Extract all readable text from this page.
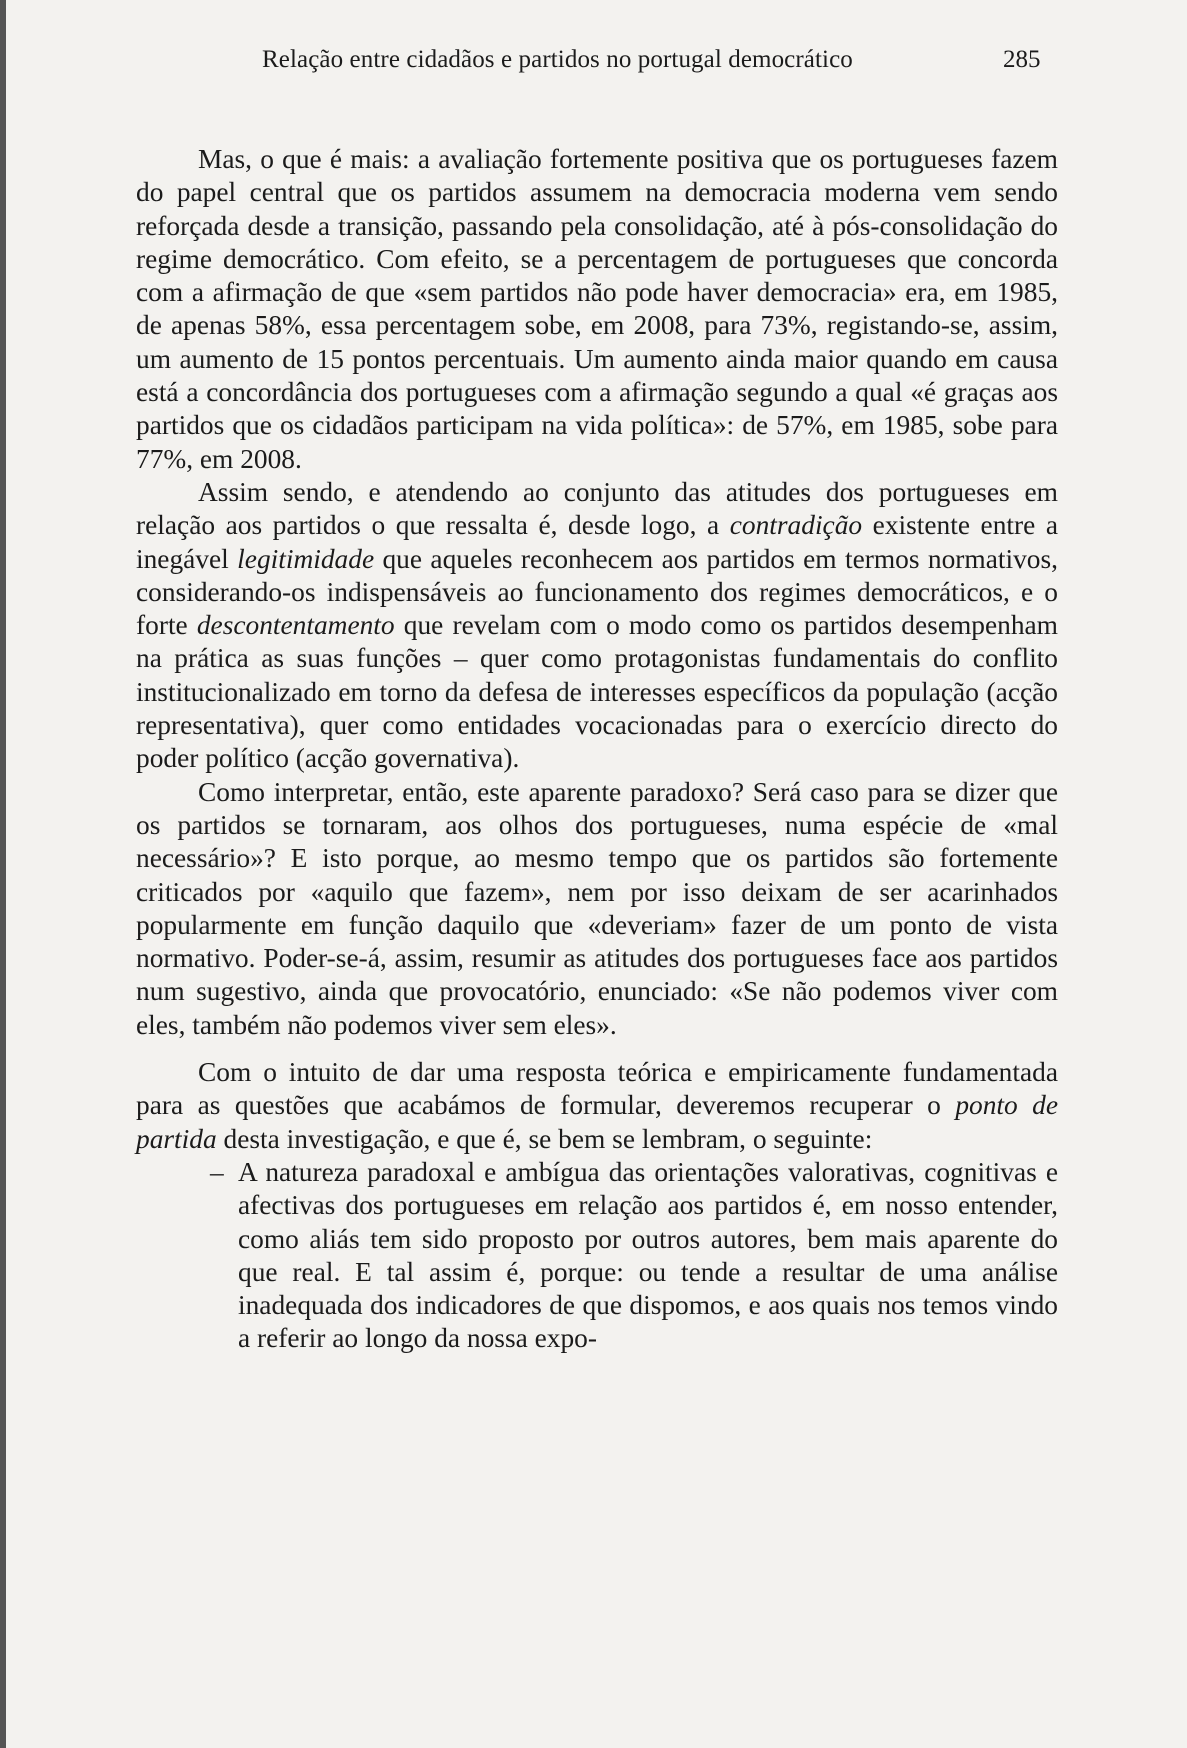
Relação entre cidadãos e partidos no portugal democrático	285

Mas, o que é mais: a avaliação fortemente positiva que os portugueses fazem do papel central que os partidos assumem na democracia moderna vem sendo reforçada desde a transição, passando pela consolidação, até à pós-consolidação do regime democrático. Com efeito, se a percentagem de portugueses que concorda com a afirmação de que «sem partidos não pode haver democracia» era, em 1985, de apenas 58%, essa percentagem sobe, em 2008, para 73%, registando-se, assim, um aumento de 15 pontos percentuais. Um aumento ainda maior quando em causa está a concordância dos portugueses com a afirmação segundo a qual «é graças aos partidos que os cidadãos participam na vida política»: de 57%, em 1985, sobe para 77%, em 2008.

Assim sendo, e atendendo ao conjunto das atitudes dos portugueses em relação aos partidos o que ressalta é, desde logo, a contradição existente entre a inegável legitimidade que aqueles reconhecem aos partidos em termos normativos, considerando-os indispensáveis ao funcionamento dos regimes democráticos, e o forte descontentamento que revelam com o modo como os partidos desempenham na prática as suas funções – quer como protagonistas fundamentais do conflito institucionalizado em torno da defesa de interesses específicos da população (acção representativa), quer como entidades vocacionadas para o exercício directo do poder político (acção governativa).

Como interpretar, então, este aparente paradoxo? Será caso para se dizer que os partidos se tornaram, aos olhos dos portugueses, numa espécie de «mal necessário»? E isto porque, ao mesmo tempo que os partidos são fortemente criticados por «aquilo que fazem», nem por isso deixam de ser acarinhados popularmente em função daquilo que «deveriam» fazer de um ponto de vista normativo. Poder-se-á, assim, resumir as atitudes dos portugueses face aos partidos num sugestivo, ainda que provocatório, enunciado: «Se não podemos viver com eles, também não podemos viver sem eles».

Com o intuito de dar uma resposta teórica e empiricamente fundamentada para as questões que acabámos de formular, deveremos recuperar o ponto de partida desta investigação, e que é, se bem se lembram, o seguinte:

– A natureza paradoxal e ambígua das orientações valorativas, cognitivas e afectivas dos portugueses em relação aos partidos é, em nosso entender, como aliás tem sido proposto por outros autores, bem mais aparente do que real. E tal assim é, porque: ou tende a resultar de uma análise inadequada dos indicadores de que dispomos, e aos quais nos temos vindo a referir ao longo da nossa expo-
